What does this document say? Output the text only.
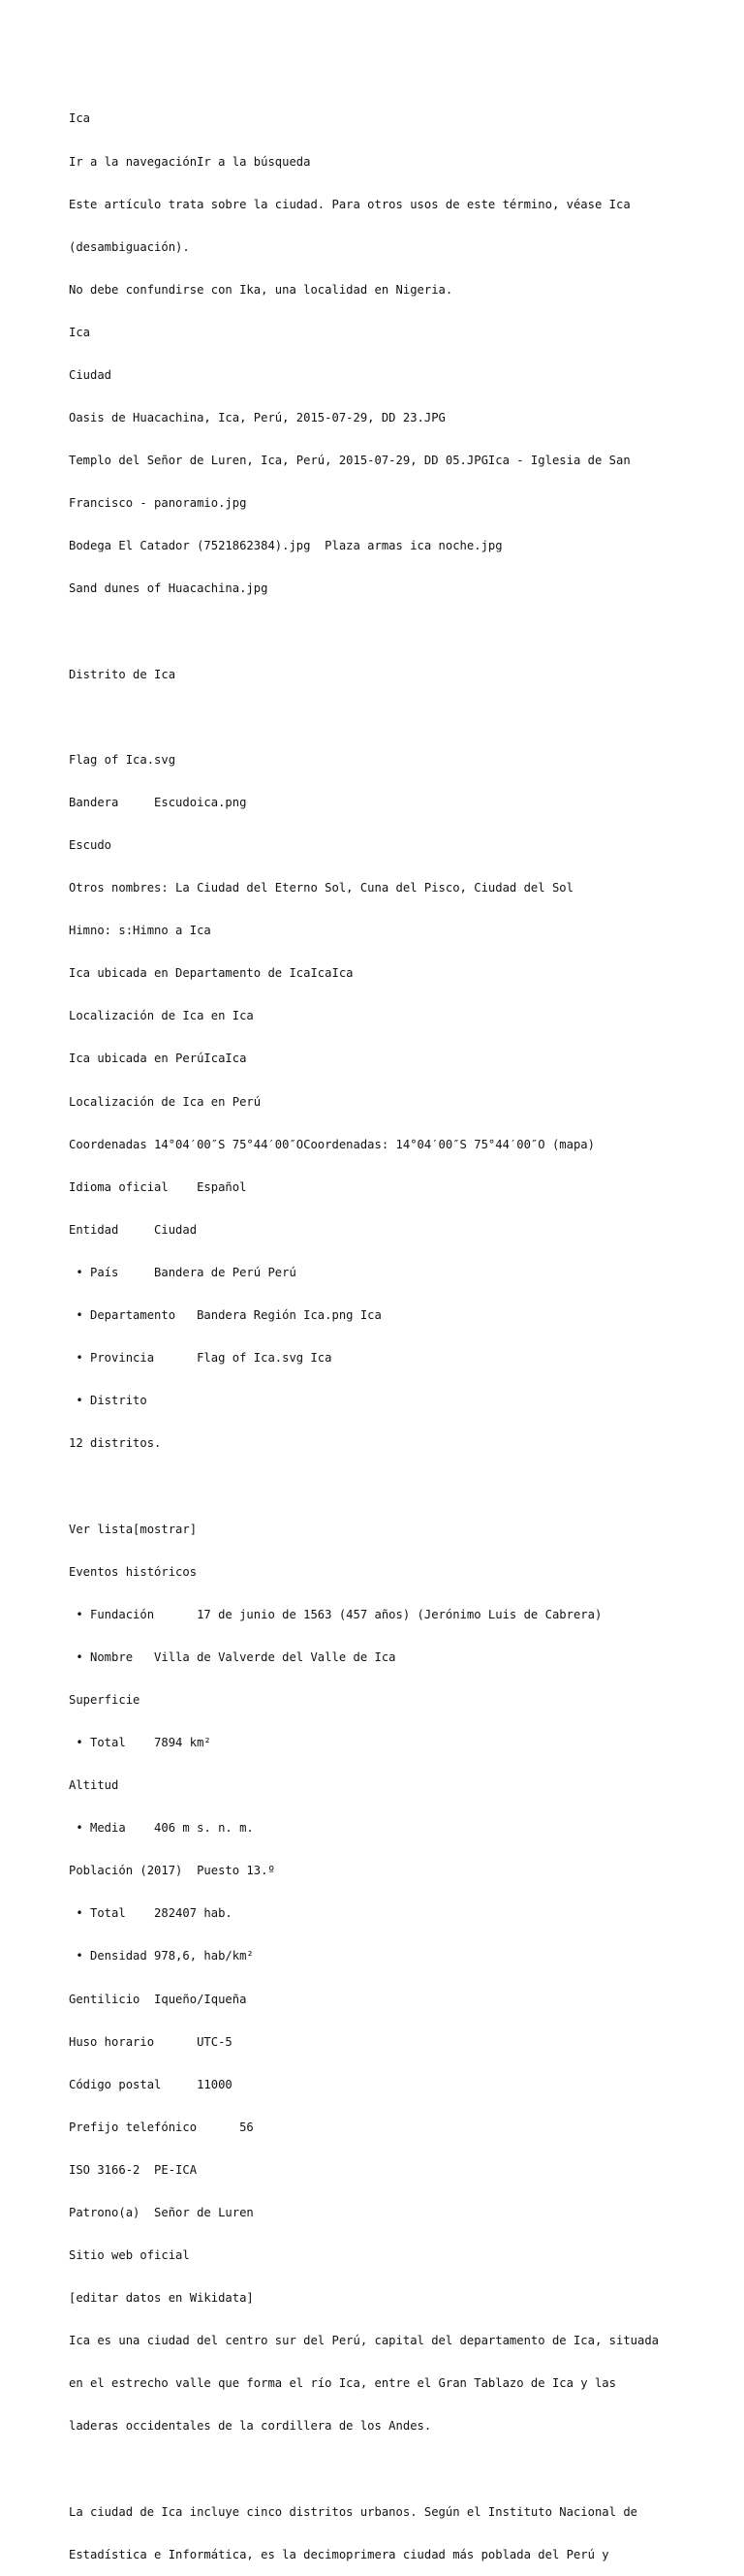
Ica

Ir a la navegaciónIr a la búsqueda

Este artículo trata sobre la ciudad. Para otros usos de este término, véase Ica

(desambiguación).

No debe confundirse con Ika, una localidad en Nigeria.

Ica

Ciudad

Oasis de Huacachina, Ica, Perú, 2015-07-29, DD 23.JPG

Templo del Señor de Luren, Ica, Perú, 2015-07-29, DD 05.JPGIca - Iglesia de San

Francisco - panoramio.jpg

Bodega El Catador (7521862384).jpg  Plaza armas ica noche.jpg

Sand dunes of Huacachina.jpg

Distrito de Ica

Flag of Ica.svg

Bandera     Escudoica.png

Escudo

Otros nombres: La Ciudad del Eterno Sol, Cuna del Pisco, Ciudad del Sol

Himno: s:Himno a Ica

Ica ubicada en Departamento de IcaIcaIca

Localización de Ica en Ica

Ica ubicada en PerúIcaIca

Localización de Ica en Perú

Coordenadas 14°04′00″S 75°44′00″OCoordenadas: 14°04′00″S 75°44′00″O (mapa)

Idioma oficial    Español

Entidad     Ciudad

• País     Bandera de Perú Perú

• Departamento   Bandera Región Ica.png Ica

• Provincia      Flag of Ica.svg Ica

• Distrito

12 distritos.

Ver lista[mostrar]

Eventos históricos

• Fundación      17 de junio de 1563 (457 años) (Jerónimo Luis de Cabrera)

• Nombre   Villa de Valverde del Valle de Ica

Superficie

• Total    7894 km²

Altitud

• Media    406 m s. n. m.

Población (2017)  Puesto 13.º

• Total    282407 hab.

• Densidad 978,6, hab/km²

Gentilicio  Iqueño/Iqueña

Huso horario      UTC-5

Código postal     11000

Prefijo telefónico      56

ISO 3166-2  PE-ICA

Patrono(a)  Señor de Luren

Sitio web oficial

[editar datos en Wikidata]

Ica es una ciudad del centro sur del Perú, capital del departamento de Ica, situada

en el estrecho valle que forma el río Ica, entre el Gran Tablazo de Ica y las

laderas occidentales de la cordillera de los Andes.

La ciudad de Ica incluye cinco distritos urbanos. Según el Instituto Nacional de

Estadística e Informática, es la decimoprimera ciudad más poblada del Perú y
